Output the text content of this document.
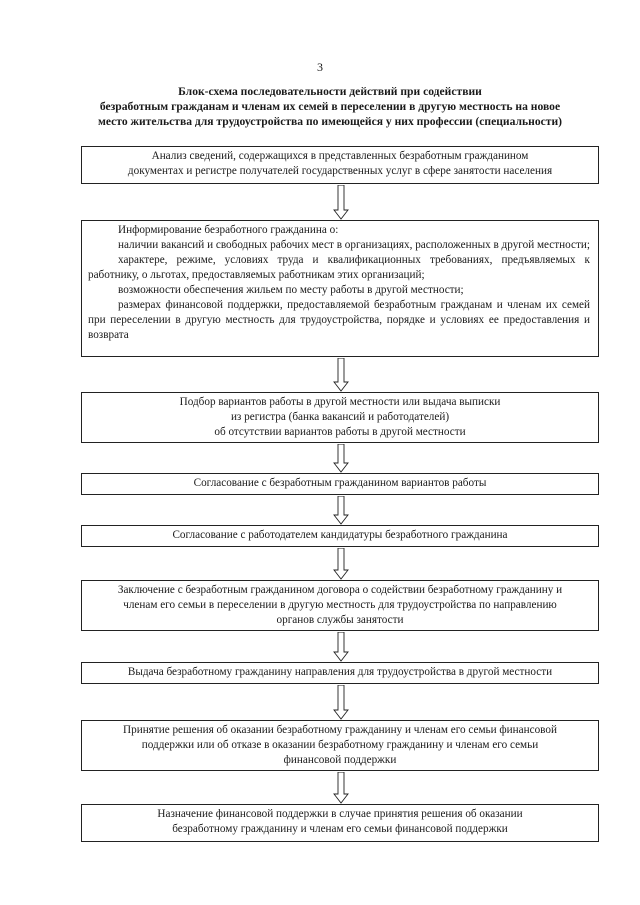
3
Блок-схема последовательности действий при содействии
безработным гражданам и членам их семей в переселении в другую местность на новое
место жительства для трудоустройства по имеющейся у них профессии (специальности)
Анализ сведений, содержащихся в представленных безработным гражданином
документах и регистре получателей государственных услуг в сфере занятости населения

Информирование безработного гражданина о:

наличии вакансий и свободных рабочих мест в организациях, расположенных в другой местности;

характере, режиме, условиях труда и квалификационных требованиях, предъявляемых к работнику, о льготах, предоставляемых работникам этих организаций;

возможности обеспечения жильем по месту работы в другой местности;

размерах финансовой поддержки, предоставляемой безработным гражданам и членам их семей при переселении в другую местность для трудоустройства, порядке и условиях ее предоставления и возврата

Подбор вариантов работы в другой местности или выдача выписки
из регистра (банка вакансий и работодателей)
об отсутствии вариантов работы в другой местности
Согласование с безработным гражданином вариантов работы
Согласование с работодателем кандидатуры безработного гражданина
Заключение с безработным гражданином договора о содействии безработному гражданину и
членам его семьи в переселении в другую местность для трудоустройства по направлению
органов службы занятости
Выдача безработному гражданину направления для трудоустройства в другой местности
Принятие решения об оказании безработному гражданину и членам его семьи финансовой
поддержки или об отказе в оказании безработному гражданину и членам его семьи
финансовой поддержки
Назначение финансовой поддержки в случае принятия решения об оказании
безработному гражданину и членам его семьи финансовой поддержки
